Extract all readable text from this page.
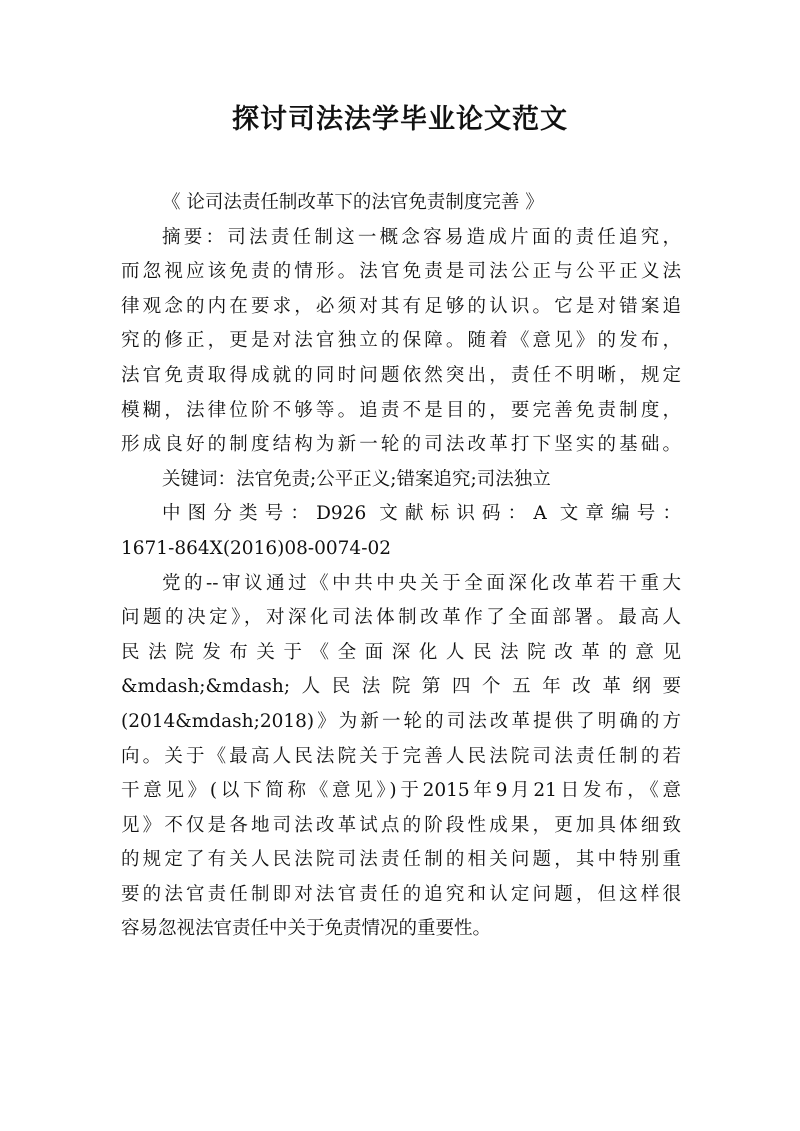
探讨司法法学毕业论文范文
《 论司法责任制改革下的法官免责制度完善 》
摘要：司法责任制这一概念容易造成片面的责任追究，
而忽视应该免责的情形。法官免责是司法公正与公平正义法
律观念的内在要求，必须对其有足够的认识。它是对错案追
究的修正，更是对法官独立的保障。随着《意见》的发布，
法官免责取得成就的同时问题依然突出，责任不明晰，规定
模糊，法律位阶不够等。追责不是目的，要完善免责制度，
形成良好的制度结构为新一轮的司法改革打下坚实的基础。
关键词：法官免责;公平正义;错案追究;司法独立
中图分类号：D926 文献标识码：A 文章编号：
1671-864X(2016)08-0074-02
党的--审议通过《中共中央关于全面深化改革若干重大
问题的决定》，对深化司法体制改革作了全面部署。最高人
民法院发布关于《全面深化人民法院改革的意见
&mdash;&mdash;人民法院第四个五年改革纲要
(2014&mdash;2018)》为新一轮的司法改革提供了明确的方
向。关于《最高人民法院关于完善人民法院司法责任制的若
干意见》(以下简称《意见》)于2015年9月21日发布，《意
见》不仅是各地司法改革试点的阶段性成果，更加具体细致
的规定了有关人民法院司法责任制的相关问题，其中特别重
要的法官责任制即对法官责任的追究和认定问题，但这样很
容易忽视法官责任中关于免责情况的重要性。
